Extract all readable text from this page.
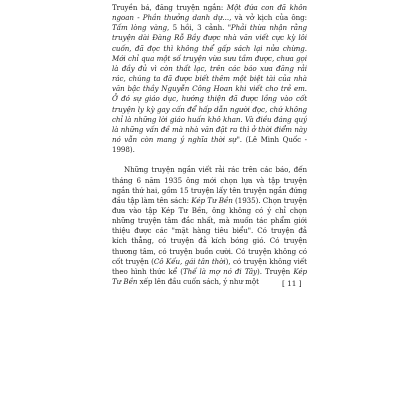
Truyền bá, đăng truyện ngắn: Một đứa con đã khôn ngoan - Phần thưởng danh dự..., và vở kịch của ông: Tấm lòng vàng, 5 hồi, 3 cảnh. "Phải thừa nhận rằng truyện dài Đàng Rỗ Bầy được nhà văn viết cực kỳ lôi cuốn, đã đọc thì không thể gấp sách lại nửa chừng. Mới chỉ qua một số truyện vừa sưu tầm được, chưa gọi là đầy đủ vì còn thất lạc, trên các báo xưa đăng rải rác, chúng ta đã được biết thêm một biệt tài của nhà văn bậc thầy Nguyễn Công Hoan khi viết cho trẻ em. Ở đó sự giáo dục, hướng thiện đã được lồng vào cốt truyện ly kỳ gay cấn để hấp dẫn người đọc, chứ không chỉ là những lời giáo huấn khô khan. Và điều đáng quý là những vấn đề mà nhà văn đặt ra thì ở thời điểm này nó vẫn còn mang ý nghĩa thời sự". (Lê Minh Quốc - 1998).

Những truyện ngắn viết rải rác trên các báo, đến tháng 6 năm 1935 ông mới chọn lựa và tập truyện ngắn thứ hai, gồm 15 truyện lấy tên truyện ngắn đứng đầu tập làm tên sách: Kép Tư Bền (1935). Chọn truyện đưa vào tập Kép Tư Bền, ông không có ý chỉ chọn những truyện tâm đắc nhất, mà muốn tác phẩm giới thiệu được các "mặt hàng tiêu biểu". Có truyện đả kích thẳng, có truyện đả kích bóng gió. Có truyện thương tâm, có truyện buồn cười. Có truyện không có cốt truyện (Cô Kếu, gái tân thời), có truyện không viết theo hình thức kể (Thế là mợ nó đi Tây). Truyện Kép Tư Bền xếp lên đầu cuốn sách, ý như một	[ 11 ]
